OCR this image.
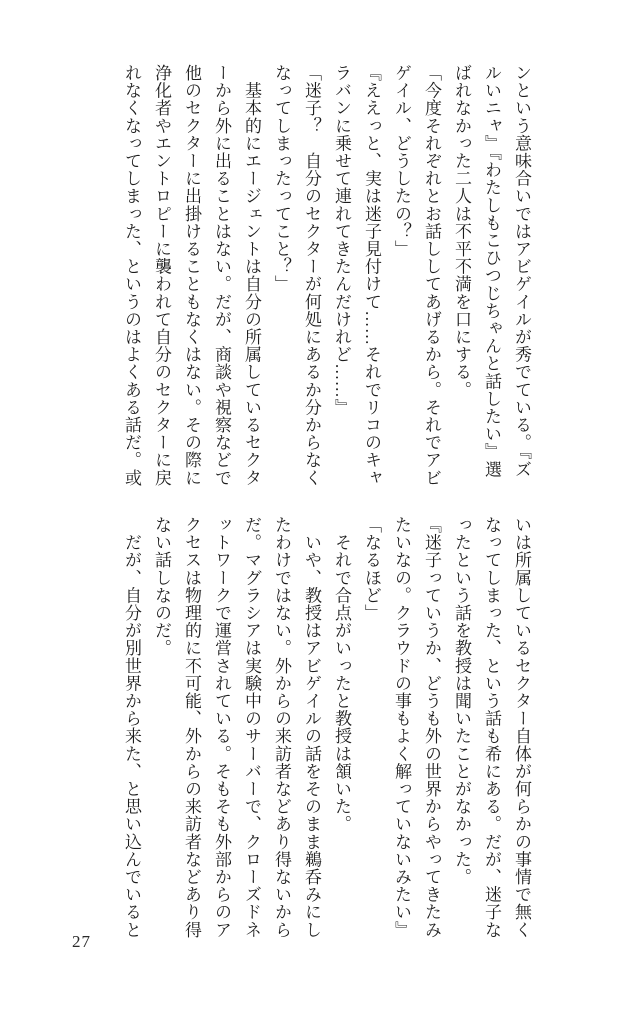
ンという意味合いではアビゲイルが秀でている。『ズ

ルいニャ』『わたしもこひつじちゃんと話したい』選

ばれなかった二人は不平不満を口にする。

「今度それぞれとお話ししてあげるから。それでアビ

ゲイル、どうしたの？」

『ええっと、実は迷子見付けて……それでリコのキャ

ラバンに乗せて連れてきたんだけれど……』

「迷子？　自分のセクターが何処にあるか分からなく

なってしまったってこと？」

　基本的にエージェントは自分の所属しているセクタ

ーから外に出ることはない。だが、商談や視察などで

他のセクターに出掛けることもなくはない。その際に

浄化者やエントロピーに襲われて自分のセクターに戻

れなくなってしまった、というのはよくある話だ。或

いは所属しているセクター自体が何らかの事情で無く

なってしまった、という話も希にある。だが、迷子な

ったという話を教授は聞いたことがなかった。

『迷子っていうか、どうも外の世界からやってきたみ

たいなの。クラウドの事もよく解っていないみたい』

「なるほど」

　それで合点がいったと教授は頷いた。

　いや、教授はアビゲイルの話をそのまま鵜呑みにし

たわけではない。外からの来訪者などあり得ないから

だ。マグラシアは実験中のサーバーで、クローズドネ

ットワークで運営されている。そもそも外部からのア

クセスは物理的に不可能、外からの来訪者などあり得

ない話しなのだ。

　だが、自分が別世界から来た、と思い込んでいると

27
